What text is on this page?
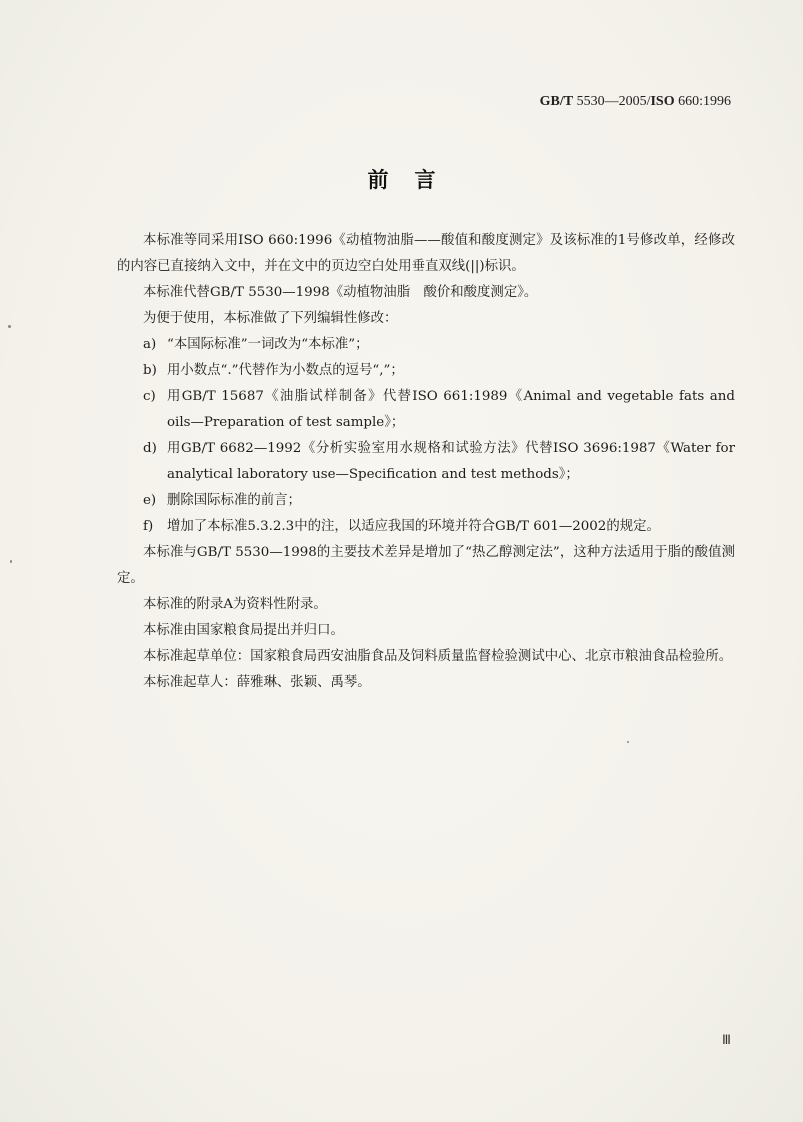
GB/T 5530—2005/ISO 660:1996
前言

本标准等同采用ISO 660:1996《动植物油脂——酸值和酸度测定》及该标准的1号修改单，经修改的内容已直接纳入文中，并在文中的页边空白处用垂直双线(||)标识。

本标准代替GB/T 5530—1998《动植物油脂　酸价和酸度测定》。

为便于使用，本标准做了下列编辑性修改：

a) “本国际标准”一词改为“本标准”；
b) 用小数点“.”代替作为小数点的逗号“,”；
c) 用GB/T 15687《油脂试样制备》代替ISO 661:1989《Animal and vegetable fats and oils—Preparation of test sample》；
d) 用GB/T 6682—1992《分析实验室用水规格和试验方法》代替ISO 3696:1987《Water for analytical laboratory use—Specification and test methods》；
e) 删除国际标准的前言；
f) 增加了本标准5.3.2.3中的注，以适应我国的环境并符合GB/T 601—2002的规定。

本标准与GB/T 5530—1998的主要技术差异是增加了“热乙醇测定法”，这种方法适用于脂的酸值测定。

本标准的附录A为资料性附录。

本标准由国家粮食局提出并归口。

本标准起草单位：国家粮食局西安油脂食品及饲料质量监督检验测试中心、北京市粮油食品检验所。

本标准起草人：薛雅琳、张颖、禹琴。

Ⅲ
